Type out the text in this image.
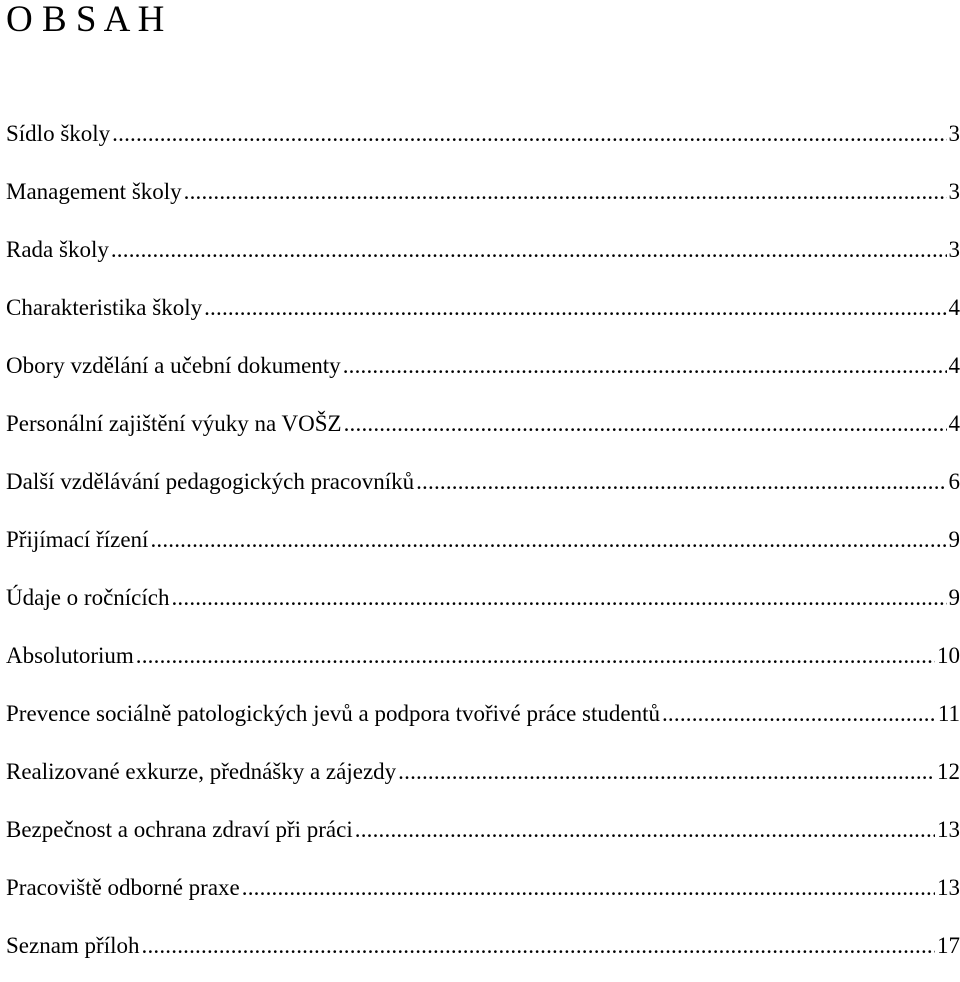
O B S A H
Sídlo školy .....	3
Management školy .....	3
Rada školy .....	3
Charakteristika školy .....	4
Obory vzdělání a učební dokumenty .....	4
Personální zajištění výuky na VOŠZ .....	4
Další vzdělávání pedagogických pracovníků .....	6
Přijímací řízení .....	9
Údaje o ročnících .....	9
Absolutorium .....	10
Prevence sociálně patologických jevů a podpora tvořivé práce studentů .....	11
Realizované exkurze, přednášky a zájezdy .....	12
Bezpečnost a ochrana zdraví při práci .....	13
Pracoviště odborné praxe .....	13
Seznam příloh .....	17
